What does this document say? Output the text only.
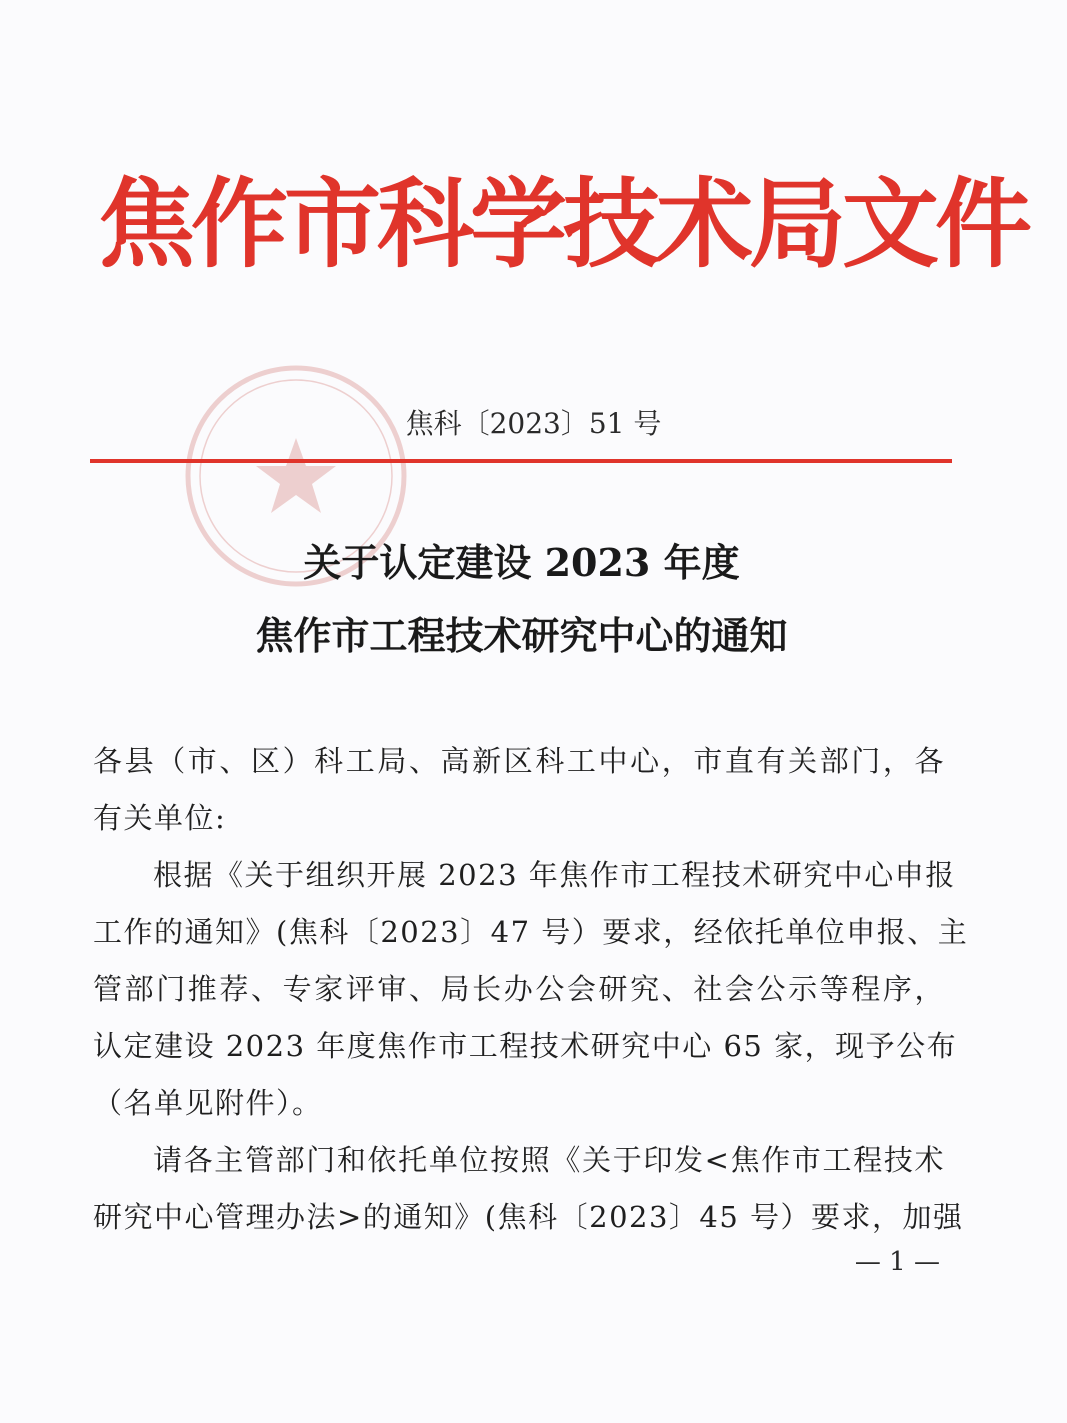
焦作市科学技术局文件
焦科〔2023〕51 号
关于认定建设 2023 年度
焦作市工程技术研究中心的通知
各县（市、区）科工局、高新区科工中心，市直有关部门，各
有关单位:
根据《关于组织开展 2023 年焦作市工程技术研究中心申报
工作的通知》(焦科〔2023〕47 号）要求，经依托单位申报、主
管部门推荐、专家评审、局长办公会研究、社会公示等程序，
认定建设 2023 年度焦作市工程技术研究中心 65 家，现予公布
（名单见附件）。
请各主管部门和依托单位按照《关于印发<焦作市工程技术
研究中心管理办法>的通知》(焦科〔2023〕45 号）要求，加强
— 1 —
